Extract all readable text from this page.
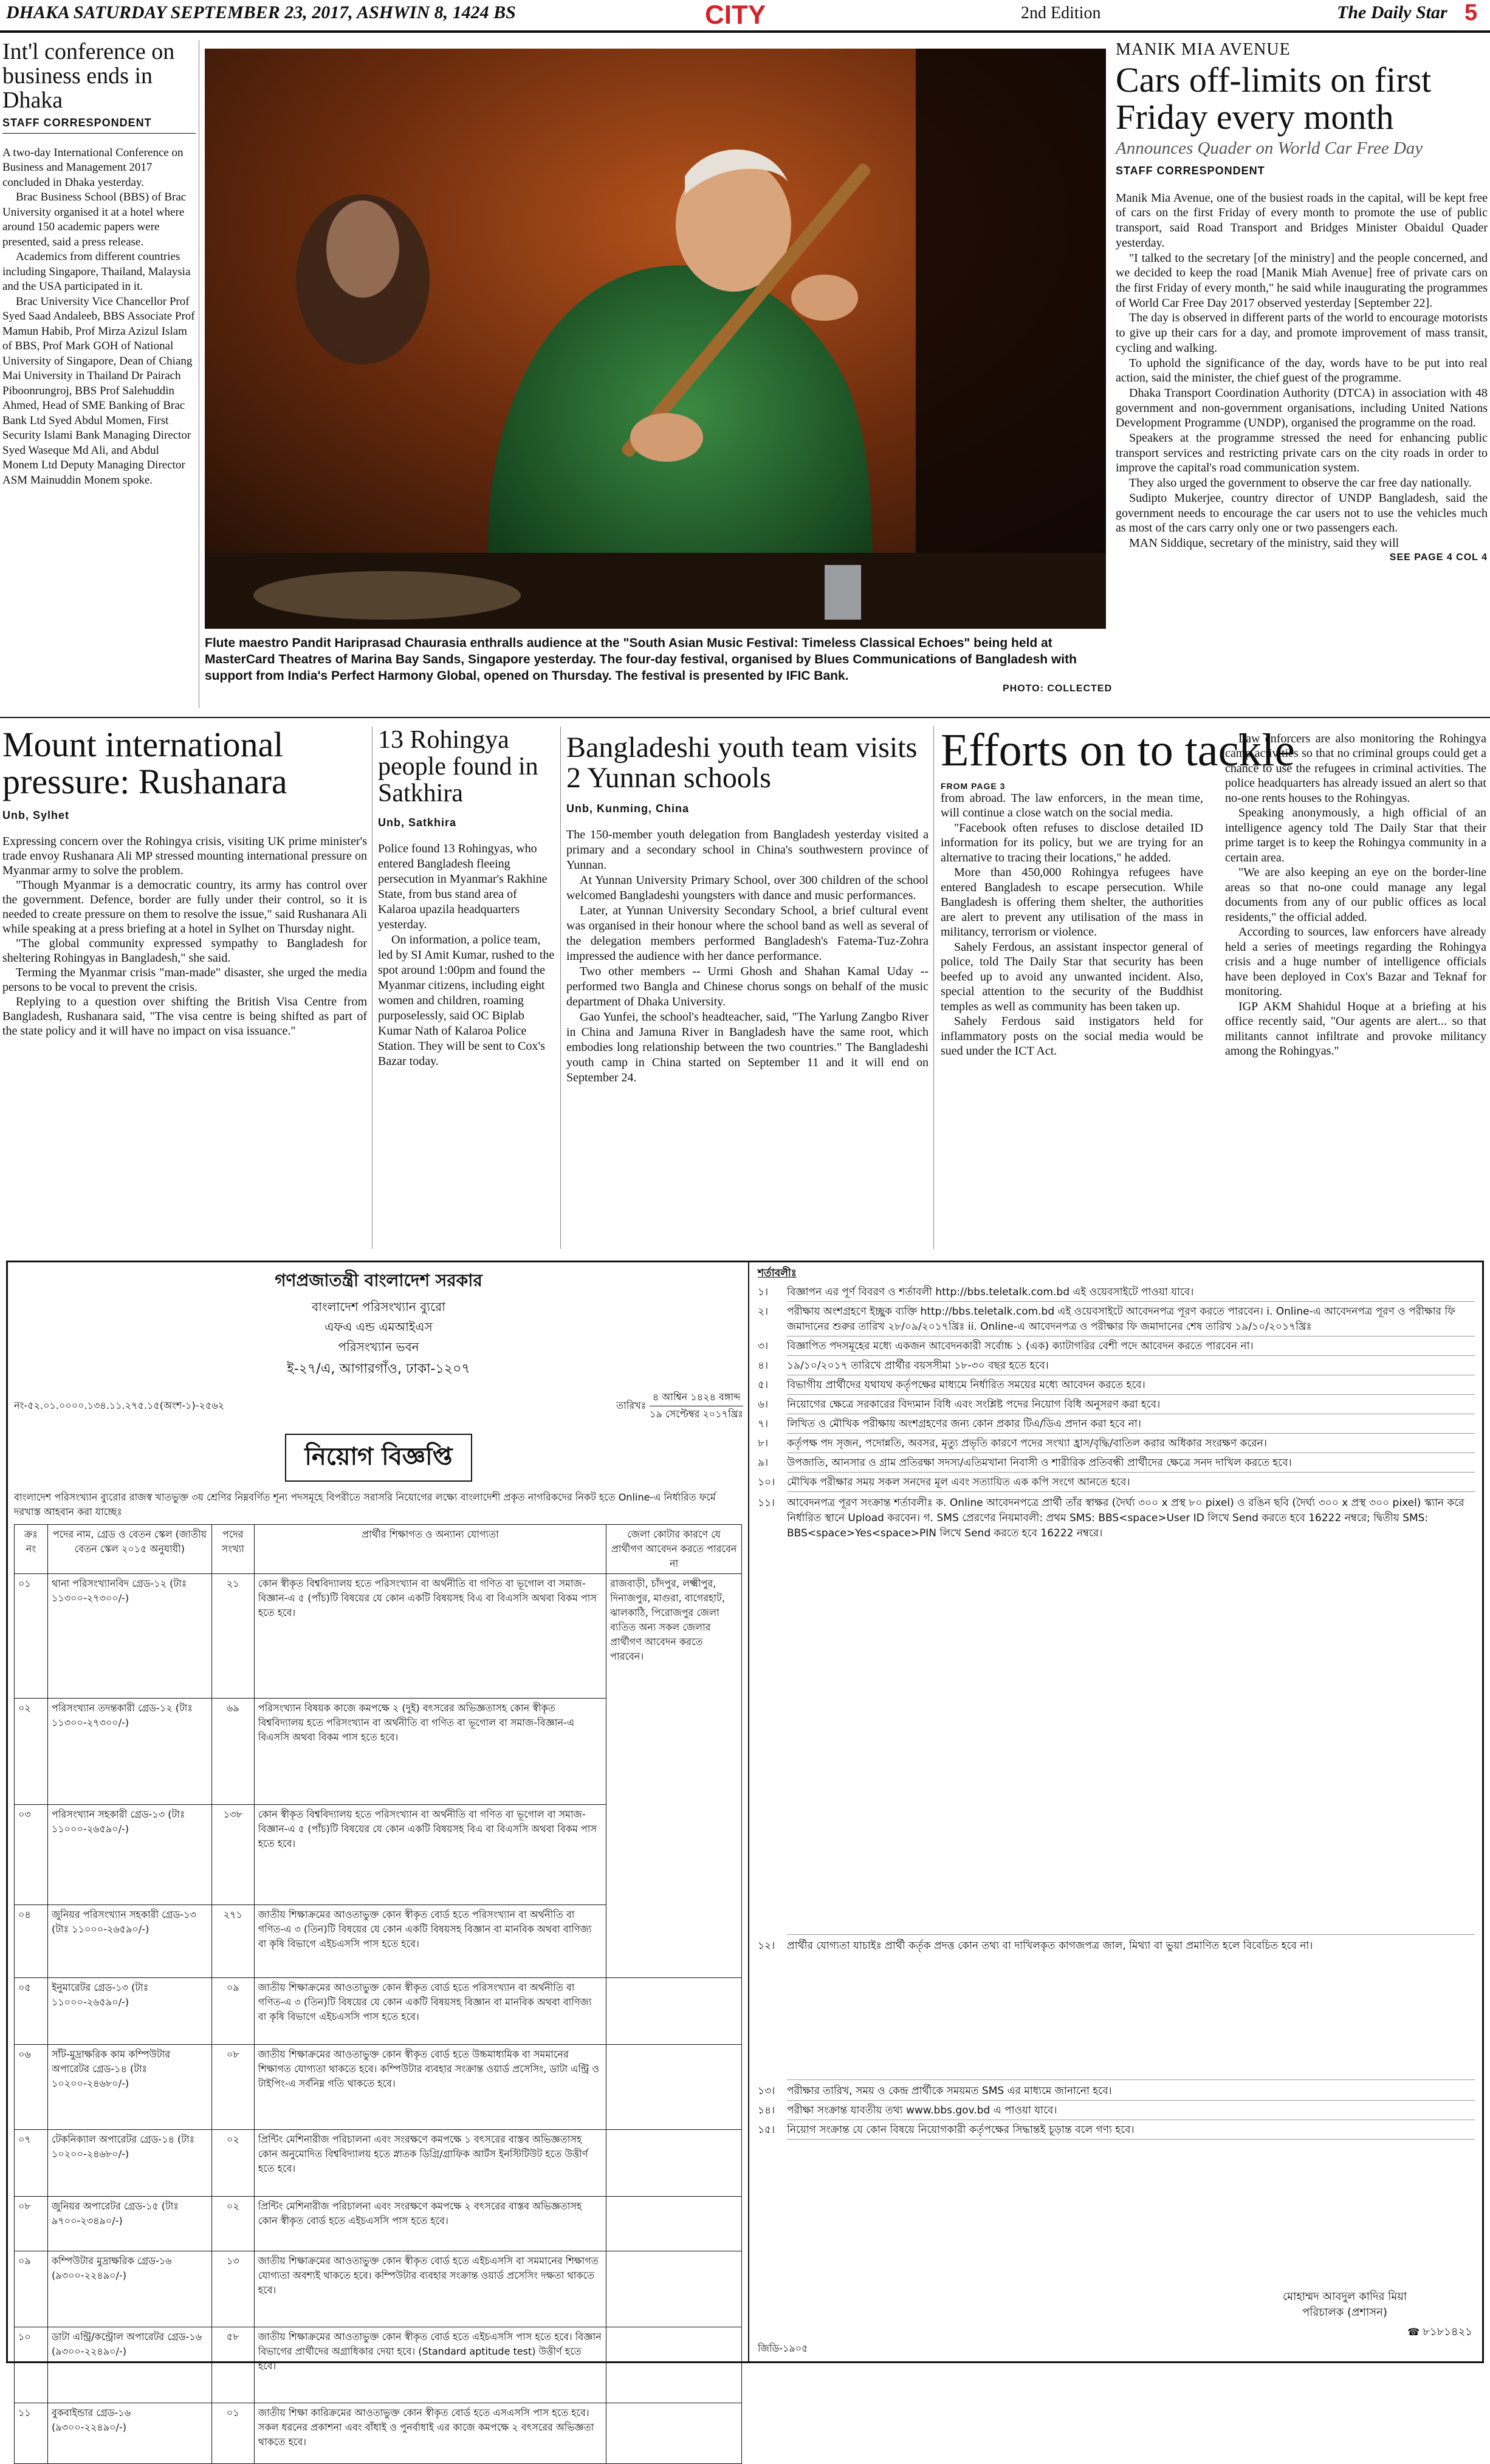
DHAKA SATURDAY SEPTEMBER 23, 2017, ASHWIN 8, 1424 BS	CITY	2nd Edition	The Daily Star 5
Int'l conference on business ends in Dhaka
STAFF CORRESPONDENT

A two-day International Conference on Business and Management 2017 concluded in Dhaka yesterday.

Brac Business School (BBS) of Brac University organised it at a hotel where around 150 academic papers were presented, said a press release.

Academics from different countries including Singapore, Thailand, Malaysia and the USA participated in it.

Brac University Vice Chancellor Prof Syed Saad Andaleeb, BBS Associate Prof Mamun Habib, Prof Mirza Azizul Islam of BBS, Prof Mark GOH of National University of Singapore, Dean of Chiang Mai University in Thailand Dr Pairach Piboonrungroj, BBS Prof Salehuddin Ahmed, Head of SME Banking of Brac Bank Ltd Syed Abdul Momen, First Security Islami Bank Managing Director Syed Waseque Md Ali, and Abdul Monem Ltd Deputy Managing Director ASM Mainuddin Monem spoke.

Flute maestro Pandit Hariprasad Chaurasia enthralls audience at the "South Asian Music Festival: Timeless Classical Echoes" being held at MasterCard Theatres of Marina Bay Sands, Singapore yesterday. The four-day festival, organised by Blues Communications of Bangladesh with support from India's Perfect Harmony Global, opened on Thursday. The festival is presented by IFIC Bank.
PHOTO: COLLECTED
MANIK MIA AVENUE
Cars off-limits on first Friday every month
Announces Quader on World Car Free Day
STAFF CORRESPONDENT

Manik Mia Avenue, one of the busiest roads in the capital, will be kept free of cars on the first Friday of every month to promote the use of public transport, said Road Transport and Bridges Minister Obaidul Quader yesterday.

"I talked to the secretary [of the ministry] and the people concerned, and we decided to keep the road [Manik Miah Avenue] free of private cars on the first Friday of every month," he said while inaugurating the programmes of World Car Free Day 2017 observed yesterday [September 22].

The day is observed in different parts of the world to encourage motorists to give up their cars for a day, and promote improvement of mass transit, cycling and walking.

To uphold the significance of the day, words have to be put into real action, said the minister, the chief guest of the programme.

Dhaka Transport Coordination Authority (DTCA) in association with 48 government and non-government organisations, including United Nations Development Programme (UNDP), organised the programme on the road.

Speakers at the programme stressed the need for enhancing public transport services and restricting private cars on the city roads in order to improve the capital's road communication system.

They also urged the government to observe the car free day nationally.

Sudipto Mukerjee, country director of UNDP Bangladesh, said the government needs to encourage the car users not to use the vehicles much as most of the cars carry only one or two passengers each.

MAN Siddique, secretary of the ministry, said they will

SEE PAGE 4 COL 4
Mount international pressure: Rushanara
Unb, Sylhet

Expressing concern over the Rohingya crisis, visiting UK prime minister's trade envoy Rushanara Ali MP stressed mounting international pressure on Myanmar army to solve the problem.

"Though Myanmar is a democratic country, its army has control over the government. Defence, border are fully under their control, so it is needed to create pressure on them to resolve the issue," said Rushanara Ali while speaking at a press briefing at a hotel in Sylhet on Thursday night.

"The global community expressed sympathy to Bangladesh for sheltering Rohingyas in Bangladesh," she said.

Terming the Myanmar crisis "man-made" disaster, she urged the media persons to be vocal to prevent the crisis.

Replying to a question over shifting the British Visa Centre from Bangladesh, Rushanara said, "The visa centre is being shifted as part of the state policy and it will have no impact on visa issuance."

13 Rohingya people found in Satkhira
Unb, Satkhira

Police found 13 Rohingyas, who entered Bangladesh fleeing persecution in Myanmar's Rakhine State, from bus stand area of Kalaroa upazila headquarters yesterday.

On information, a police team, led by SI Amit Kumar, rushed to the spot around 1:00pm and found the Myanmar citizens, including eight women and children, roaming purposelessly, said OC Biplab Kumar Nath of Kalaroa Police Station. They will be sent to Cox's Bazar today.

Bangladeshi youth team visits 2 Yunnan schools
Unb, Kunming, China

The 150-member youth delegation from Bangladesh yesterday visited a primary and a secondary school in China's southwestern province of Yunnan.

At Yunnan University Primary School, over 300 children of the school welcomed Bangladeshi youngsters with dance and music performances.

Later, at Yunnan University Secondary School, a brief cultural event was organised in their honour where the school band as well as several of the delegation members performed Bangladesh's Fatema-Tuz-Zohra impressed the audience with her dance performance.

Two other members -- Urmi Ghosh and Shahan Kamal Uday -- performed two Bangla and Chinese chorus songs on behalf of the music department of Dhaka University.

Gao Yunfei, the school's headteacher, said, "The Yarlung Zangbo River in China and Jamuna River in Bangladesh have the same root, which embodies long relationship between the two countries." The Bangladeshi youth camp in China started on September 11 and it will end on September 24.

Efforts on to tackle
FROM PAGE 3

from abroad. The law enforcers, in the mean time, will continue a close watch on the social media.

"Facebook often refuses to disclose detailed ID information for its policy, but we are trying for an alternative to tracing their locations," he added.

More than 450,000 Rohingya refugees have entered Bangladesh to escape persecution. While Bangladesh is offering them shelter, the authorities are alert to prevent any utilisation of the mass in militancy, terrorism or violence.

Sahely Ferdous, an assistant inspector general of police, told The Daily Star that security has been beefed up to avoid any unwanted incident. Also, special attention to the security of the Buddhist temples as well as community has been taken up.

Sahely Ferdous said instigators held for inflammatory posts on the social media would be sued under the ICT Act.

Law enforcers are also monitoring the Rohingya camp activities so that no criminal groups could get a chance to use the refugees in criminal activities. The police headquarters has already issued an alert so that no-one rents houses to the Rohingyas.

Speaking anonymously, a high official of an intelligence agency told The Daily Star that their prime target is to keep the Rohingya community in a certain area.

"We are also keeping an eye on the border-line areas so that no-one could manage any legal documents from any of our public offices as local residents," the official added.

According to sources, law enforcers have already held a series of meetings regarding the Rohingya crisis and a huge number of intelligence officials have been deployed in Cox's Bazar and Teknaf for monitoring.

IGP AKM Shahidul Hoque at a briefing at his office recently said, "Our agents are alert... so that militants cannot infiltrate and provoke militancy among the Rohingyas."

গণপ্রজাতন্ত্রী বাংলাদেশ সরকার
বাংলাদেশ পরিসংখ্যান ব্যুরো
এফএ এন্ড এমআইএস
পরিসংখ্যান ভবন
ই-২৭/এ, আগারগাঁও, ঢাকা-১২০৭
নং-৫২.০১.০০০০.১৩৪.১১.২৭৫.১৫(অংশ-১)-২৫৬২	তারিখঃ
৪ আশ্বিন ১৪২৪ বঙ্গাব্দ
১৯ সেপ্টেম্বর ২০১৭খ্রিঃ
নিয়োগ বিজ্ঞপ্তি
বাংলাদেশ পরিসংখ্যান ব্যুরোর রাজস্ব খাতভুক্ত ৩য় শ্রেণির নিম্নবর্ণিত শূন্য পদসমূহে বিপরীতে সরাসরি নিয়োগের লক্ষ্যে বাংলাদেশী প্রকৃত নাগরিকদের নিকট হতে Online-এ নির্ধারিত ফর্মে দরখাস্ত আহবান করা যাচ্ছেঃ
ক্রঃ নং	পদের নাম, গ্রেড ও বেতন স্কেল (জাতীয় বেতন স্কেল ২০১৫ অনুযায়ী)	পদের সংখ্যা	প্রার্থীর শিক্ষাগত ও অন্যান্য যোগ্যতা	জেলা কোটার কারণে যে প্রার্থীগণ আবেদন করতে পারবেন না
০১	থানা পরিসংখ্যানবিদ গ্রেড-১২ (টাঃ ১১৩০০-২৭৩০০/-)	২১	কোন স্বীকৃত বিশ্ববিদ্যালয় হতে পরিসংখ্যান বা অর্থনীতি বা গণিত বা ভূগোল বা সমাজ-বিজ্ঞান-এ ৫ (পাঁচ)টি বিষয়ের যে কোন একটি বিষয়সহ বিএ বা বিএসসি অথবা বিকম পাস হতে হবে।	রাজবাড়ী, চাঁদপুর, লক্ষ্মীপুর, দিনাজপুর, মাগুরা, বাগেরহাট, ঝালকাঠি, পিরোজপুর জেলা ব্যতিত অন্য সকল জেলার প্রার্থীগণ আবেদন করতে পারবেন।
০২	পরিসংখ্যান তদন্তকারী গ্রেড-১২ (টাঃ ১১৩০০-২৭৩০০/-)	৬৯	পরিসংখ্যান বিষয়ক কাজে কমপক্ষে ২ (দুই) বৎসরের অভিজ্ঞতাসহ কোন স্বীকৃত বিশ্ববিদ্যালয় হতে পরিসংখ্যান বা অর্থনীতি বা গণিত বা ভূগোল বা সমাজ-বিজ্ঞান-এ বিএসসি অথবা বিকম পাস হতে হবে।	
০৩	পরিসংখ্যান সহকারী গ্রেড-১৩ (টাঃ ১১০০০-২৬৫৯০/-)	১৩৮	কোন স্বীকৃত বিশ্ববিদ্যালয় হতে পরিসংখ্যান বা অর্থনীতি বা গণিত বা ভূগোল বা সমাজ-বিজ্ঞান-এ ৫ (পাঁচ)টি বিষয়ের যে কোন একটি বিষয়সহ বিএ বা বিএসসি অথবা বিকম পাস হতে হবে।	
০৪	জুনিয়র পরিসংখ্যান সহকারী গ্রেড-১৩ (টাঃ ১১০০০-২৬৫৯০/-)	২৭১	জাতীয় শিক্ষাক্রমের আওতাভুক্ত কোন স্বীকৃত বোর্ড হতে পরিসংখ্যান বা অর্থনীতি বা গণিত-এ ৩ (তিন)টি বিষয়ের যে কোন একটি বিষয়সহ বিজ্ঞান বা মানবিক অথবা বাণিজ্য বা কৃষি বিভাগে এইচএসসি পাস হতে হবে।	
০৫	ইনুমারেটর গ্রেড-১৩ (টাঃ ১১০০০-২৬৫৯০/-)	০৯	জাতীয় শিক্ষাক্রমের আওতাভুক্ত কোন স্বীকৃত বোর্ড হতে পরিসংখ্যান বা অর্থনীতি বা গণিত-এ ৩ (তিন)টি বিষয়ের যে কোন একটি বিষয়সহ বিজ্ঞান বা মানবিক অথবা বাণিজ্য বা কৃষি বিভাগে এইচএসসি পাস হতে হবে।	
০৬	সাঁট-মুদ্রাক্ষরিক কাম কম্পিউটার অপারেটর গ্রেড-১৪ (টাঃ ১০২০০-২৪৬৮০/-)	০৮	জাতীয় শিক্ষাক্রমের আওতাভুক্ত কোন স্বীকৃত বোর্ড হতে উচ্চমাধ্যমিক বা সমমানের শিক্ষাগত যোগ্যতা থাকতে হবে। কম্পিউটার ব্যবহার সংক্রান্ত ওয়ার্ড প্রসেসিং, ডাটা এন্ট্রি ও টাইপিং-এ সর্বনিম্ন গতি থাকতে হবে।	
০৭	টেকনিক্যাল অপারেটর গ্রেড-১৪ (টাঃ ১০২০০-২৪৬৮০/-)	০২	প্রিন্টিং মেশিনারীজ পরিচালনা এবং সংরক্ষণে কমপক্ষে ১ বৎসরের বাস্তব অভিজ্ঞতাসহ কোন অনুমোদিত বিশ্ববিদ্যালয় হতে স্নাতক ডিগ্রি/গ্রাফিক আর্টস ইনস্টিটিউট হতে উত্তীর্ণ হতে হবে।	
০৮	জুনিয়র অপারেটর গ্রেড-১৫ (টাঃ ৯৭০০-২৩৪৯০/-)	০২	প্রিন্টিং মেশিনারীজ পরিচালনা এবং সংরক্ষণে কমপক্ষে ২ বৎসরের বাস্তব অভিজ্ঞতাসহ কোন স্বীকৃত বোর্ড হতে এইচএসসি পাস হতে হবে।	
০৯	কম্পিউটার মুদ্রাক্ষরিক গ্রেড-১৬ (৯৩০০-২২৪৯০/-)	১৩	জাতীয় শিক্ষাক্রমের আওতাভুক্ত কোন স্বীকৃত বোর্ড হতে এইচএসসি বা সমমানের শিক্ষাগত যোগ্যতা অবশ্যই থাকতে হবে। কম্পিউটার ব্যবহার সংক্রান্ত ওয়ার্ড প্রসেসিং দক্ষতা থাকতে হবে।	
১০	ডাটা এন্ট্রি/কন্ট্রোল অপারেটর গ্রেড-১৬ (৯৩০০-২২৪৯০/-)	৫৮	জাতীয় শিক্ষাক্রমের আওতাভুক্ত কোন স্বীকৃত বোর্ড হতে এইচএসসি পাস হতে হবে। বিজ্ঞান বিভাগের প্রার্থীদের অগ্রাধিকার দেয়া হবে। (Standard aptitude test) উত্তীর্ণ হতে হবে।	
১১	বুকবাইন্ডার গ্রেড-১৬ (৯৩০০-২২৪৯০/-)	০১	জাতীয় শিক্ষা কারিক্রমের আওতাভুক্ত কোন স্বীকৃত বোর্ড হতে এসএসসি পাস হতে হবে। সকল ধরনের প্রকাশনা এবং বাঁধাই ও পুনর্বাধাই এর কাজে কমপক্ষে ২ বৎসরের অভিজ্ঞতা থাকতে হবে।	
শর্তাবলীঃ
১।	বিজ্ঞাপন এর পূর্ণ বিবরণ ও শর্তাবলী http://bbs.teletalk.com.bd এই ওয়েবসাইটে পাওয়া যাবে।
২।	পরীক্ষায় অংশগ্রহণে ইচ্ছুক ব্যক্তি http://bbs.teletalk.com.bd এই ওয়েবসাইটে আবেদনপত্র পূরণ করতে পারবেন। i. Online-এ আবেদনপত্র পূরণ ও পরীক্ষার ফি জমাদানের শুরুর তারিখ ২৮/০৯/২০১৭খ্রিঃ ii. Online-এ আবেদনপত্র ও পরীক্ষার ফি জমাদানের শেষ তারিখ ১৯/১০/২০১৭খ্রিঃ
৩।	বিজ্ঞাপিত পদসমূহের মধ্যে একজন আবেদনকারী সর্বোচ্চ ১ (এক) ক্যাটাগরির বেশী পদে আবেদন করতে পারবেন না।
৪।	১৯/১০/২০১৭ তারিখে প্রার্থীর বয়সসীমা ১৮-৩০ বছর হতে হবে।
৫।	বিভাগীয় প্রার্থীদের যথাযথ কর্তৃপক্ষের মাধ্যমে নির্ধারিত সময়ের মধ্যে আবেদন করতে হবে।
৬।	নিয়োগের ক্ষেত্রে সরকারের বিদ্যমান বিধি এবং সংশ্লিষ্ট পদের নিয়োগ বিধি অনুসরণ করা হবে।
৭।	লিখিত ও মৌখিক পরীক্ষায় অংশগ্রহণের জন্য কোন প্রকার টিএ/ডিএ প্রদান করা হবে না।
৮।	কর্তৃপক্ষ পদ সৃজন, পদোন্নতি, অবসর, মৃত্যু প্রভৃতি কারণে পদের সংখ্যা হ্রাস/বৃদ্ধি/বাতিল করার অধিকার সংরক্ষণ করেন।
৯।	উপজাতি, আনসার ও গ্রাম প্রতিরক্ষা সদস্য/এতিমখানা নিবাসী ও শারীরিক প্রতিবন্ধী প্রার্থীদের ক্ষেত্রে সনদ দাখিল করতে হবে।
১০।	মৌখিক পরীক্ষার সময় সকল সনদের মূল এবং সত্যায়িত এক কপি সংগে আনতে হবে।
১১।	আবেদনপত্র পূরণ সংক্রান্ত শর্তাবলীঃ ক. Online আবেদনপত্রে প্রার্থী তাঁর স্বাক্ষর (দৈর্ঘ্য ৩০০ x প্রস্থ ৮০ pixel) ও রঙিন ছবি (দৈর্ঘ্য ৩০০ x প্রস্থ ৩০০ pixel) স্ক্যান করে নির্ধারিত স্থানে Upload করবেন। গ. SMS প্রেরণের নিয়মাবলী: প্রথম SMS: BBS<space>User ID লিখে Send করতে হবে 16222 নম্বরে; দ্বিতীয় SMS: BBS<space>Yes<space>PIN লিখে Send করতে হবে 16222 নম্বরে।
১২।	প্রার্থীর যোগ্যতা যাচাইঃ প্রার্থী কর্তৃক প্রদত্ত কোন তথ্য বা দাখিলকৃত কাগজপত্র জাল, মিথ্যা বা ভুয়া প্রমাণিত হলে বিবেচিত হবে না।
১৩।	পরীক্ষার তারিখ, সময় ও কেন্দ্র প্রার্থীকে সময়মত SMS এর মাধ্যমে জানানো হবে।
১৪।	পরীক্ষা সংক্রান্ত যাবতীয় তথ্য www.bbs.gov.bd এ পাওয়া যাবে।
১৫।	নিয়োগ সংক্রান্ত যে কোন বিষয়ে নিয়োগকারী কর্তৃপক্ষের সিদ্ধান্তই চূড়ান্ত বলে গণ্য হবে।
মোহাম্মদ আবদুল কাদির মিয়া
পরিচালক (প্রশাসন)
☎ ৮১৮১৪২১
জিডি-১৯০৫
